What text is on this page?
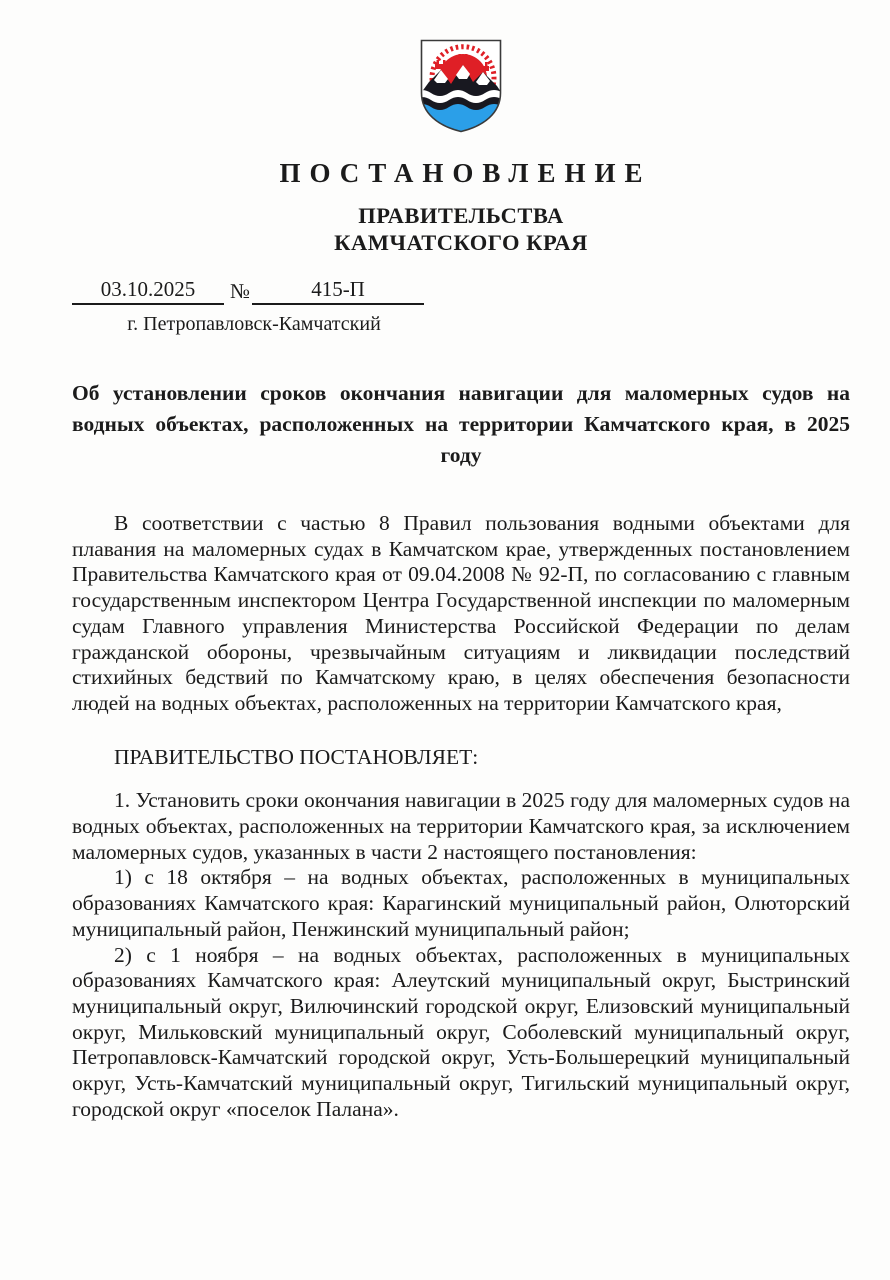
ПОСТАНОВЛЕНИЕ
ПРАВИТЕЛЬСТВА
КАМЧАТСКОГО КРАЯ
03.10.2025	№	415-П
г. Петропавловск-Камчатский
Об установлении сроков окончания навигации для маломерных судов на водных объектах, расположенных на территории Камчатского края, в 2025 году

В соответствии с частью 8 Правил пользования водными объектами для плавания на маломерных судах в Камчатском крае, утвержденных постановлением Правительства Камчатского края от 09.04.2008 № 92-П, по согласованию с главным государственным инспектором Центра Государственной инспекции по маломерным судам Главного управления Министерства Российской Федерации по делам гражданской обороны, чрезвычайным ситуациям и ликвидации последствий стихийных бедствий по Камчатскому краю, в целях обеспечения безопасности людей на водных объектах, расположенных на территории Камчатского края,

ПРАВИТЕЛЬСТВО ПОСТАНОВЛЯЕТ:

1. Установить сроки окончания навигации в 2025 году для маломерных судов на водных объектах, расположенных на территории Камчатского края, за исключением маломерных судов, указанных в части 2 настоящего постановления:

1) с 18 октября – на водных объектах, расположенных в муниципальных образованиях Камчатского края: Карагинский муниципальный район, Олюторский муниципальный район, Пенжинский муниципальный район;

2) с 1 ноября – на водных объектах, расположенных в муниципальных образованиях Камчатского края: Алеутский муниципальный округ, Быстринский муниципальный округ, Вилючинский городской округ, Елизовский муниципальный округ, Мильковский муниципальный округ, Соболевский муниципальный округ, Петропавловск-Камчатский городской округ, Усть-Большерецкий муниципальный округ, Усть-Камчатский муниципальный округ, Тигильский муниципальный округ, городской округ «поселок Палана».
